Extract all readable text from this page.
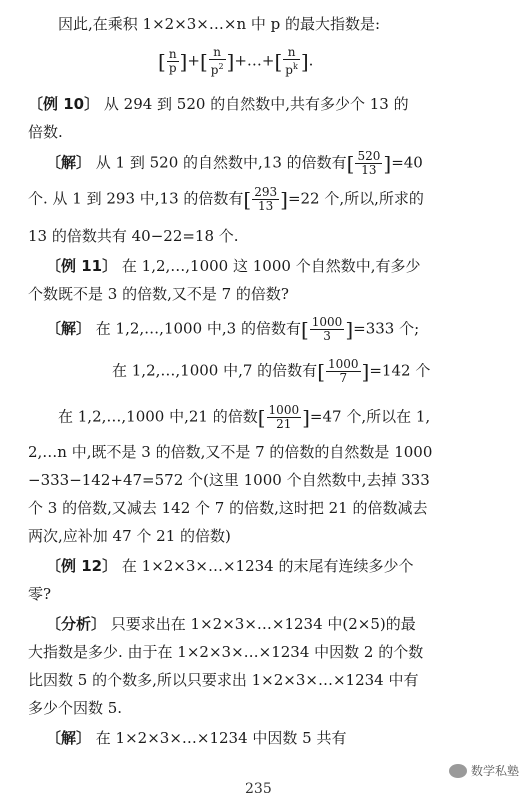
因此,在乘积 1×2×3×…×n 中 p 的最大指数是:
[ $\frac{n}{p}$ ]+[ $\frac{n}{p^2}$ ]+…+[ $\frac{n}{p^k}$ ].
〔例 10〕 从 294 到 520 的自然数中,共有多少个 13 的
倍数.
〔解〕 从 1 到 520 的自然数中,13 的倍数有[ $\frac{520}{13} ]=40$
个. 从 1 到 293 中,13 的倍数有[ $\frac{293}{13} ]=22$ 个,所以,所求的
13 的倍数共有 40−22=18 个.
〔例 11〕 在 1,2,…,1000 这 1000 个自然数中,有多少
个数既不是 3 的倍数,又不是 7 的倍数?
〔解〕 在 1,2,…,1000 中,3 的倍数有[ $\frac{1000}{3} ]=333$ 个;
在 1,2,…,1000 中,7 的倍数有[ $\frac{1000}{7} ]=142$ 个
在 1,2,…,1000 中,21 的倍数[ $\frac{1000}{21} ]=47$ 个,所以在 1,
2,…n 中,既不是 3 的倍数,又不是 7 的倍数的自然数是 1000
−333−142+47=572 个(这里 1000 个自然数中,去掉 333
个 3 的倍数,又减去 142 个 7 的倍数,这时把 21 的倍数减去
两次,应补加 47 个 21 的倍数)
〔例 12〕 在 1×2×3×…×1234 的末尾有连续多少个
零?
〔分析〕 只要求出在 1×2×3×…×1234 中(2×5)的最
大指数是多少. 由于在 1×2×3×…×1234 中因数 2 的个数
比因数 5 的个数多,所以只要求出 1×2×3×…×1234 中有
多少个因数 5.
〔解〕 在 1×2×3×…×1234 中因数 5 共有
数学私塾
235
